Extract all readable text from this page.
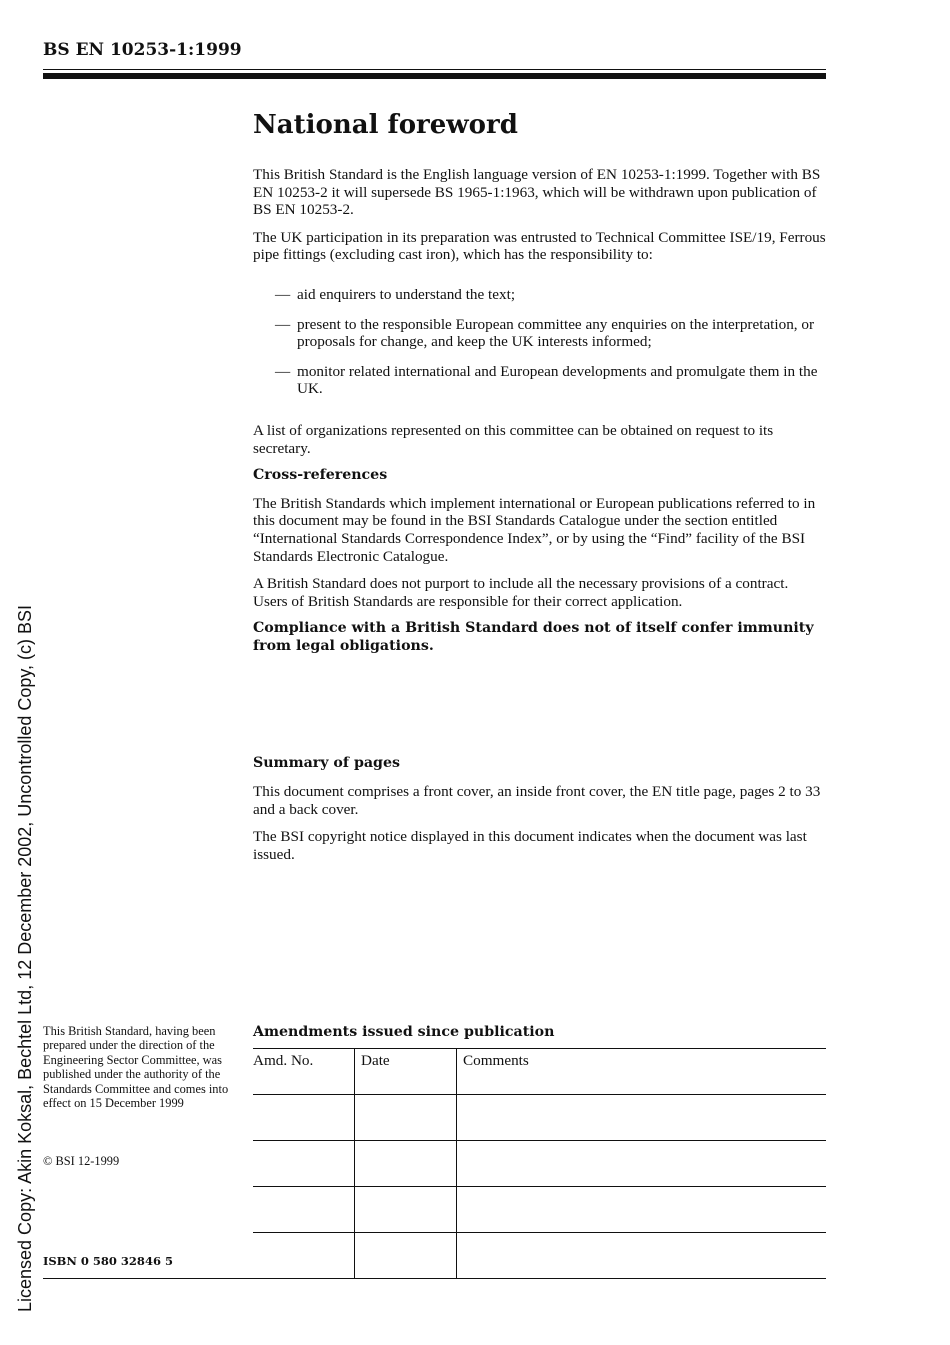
BS EN 10253-1:1999
National foreword

This British Standard is the English language version of EN 10253-1:1999. Together with BS EN 10253-2 it will supersede BS 1965-1:1963, which will be withdrawn upon publication of BS EN 10253-2.

The UK participation in its preparation was entrusted to Technical Committee ISE/19, Ferrous pipe fittings (excluding cast iron), which has the responsibility to:

— aid enquirers to understand the text;
— present to the responsible European committee any enquiries on the interpretation, or proposals for change, and keep the UK interests informed;
— monitor related international and European developments and promulgate them in the UK.

A list of organizations represented on this committee can be obtained on request to its secretary.

Cross-references

The British Standards which implement international or European publications referred to in this document may be found in the BSI Standards Catalogue under the section entitled “International Standards Correspondence Index”, or by using the “Find” facility of the BSI Standards Electronic Catalogue.

A British Standard does not purport to include all the necessary provisions of a contract. Users of British Standards are responsible for their correct application.

Compliance with a British Standard does not of itself confer immunity from legal obligations.

Summary of pages

This document comprises a front cover, an inside front cover, the EN title page, pages 2 to 33 and a back cover.

The BSI copyright notice displayed in this document indicates when the document was last issued.

This British Standard, having been prepared under the direction of the Engineering Sector Committee, was published under the authority of the Standards Committee and comes into effect on 15 December 1999
© BSI 12-1999
ISBN 0 580 32846 5
Amendments issued since publication
Amd. No.	Date	Comments

Licensed Copy: Akin Koksal, Bechtel Ltd, 12 December 2002, Uncontrolled Copy, (c) BSI
